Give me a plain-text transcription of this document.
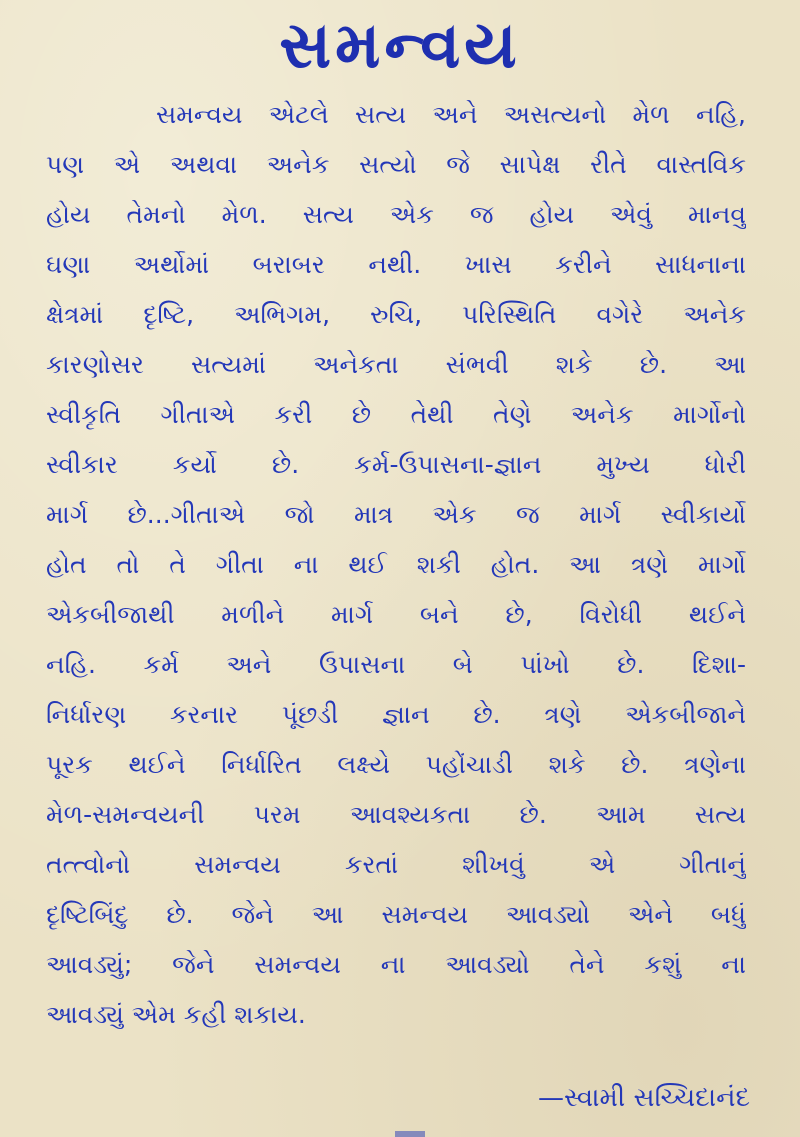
સમન્વય
સમન્વય એટલે સત્ય અને અસત્યનો મેળ નહિ,
પણ એ અથવા અનેક સત્યો જે સાપેક્ષ રીતે વાસ્તવિક
હોય તેમનો મેળ. સત્ય એક જ હોય એવું માનવુ
ઘણા અર્થોમાં બરાબર નથી. ખાસ કરીને સાધનાના
ક્ષેત્રમાં દૃષ્ટિ, અભિગમ, રુચિ, પરિસ્થિતિ વગેરે અનેક
કારણોસર સત્યમાં અનેકતા સંભવી શકે છે. આ
સ્વીકૃતિ ગીતાએ કરી છે તેથી તેણે અનેક માર્ગોનો
સ્વીકાર કર્યો છે. કર્મ-ઉપાસના-જ્ઞાન મુખ્ય ધોરી
માર્ગ છે...ગીતાએ જો માત્ર એક જ માર્ગ સ્વીકાર્યો
હોત તો તે ગીતા ના થઈ શકી હોત. આ ત્રણે માર્ગો
એકબીજાથી મળીને માર્ગ બને છે, વિરોધી થઈને
નહિ. કર્મ અને ઉપાસના બે પાંખો છે. દિશા-
નિર્ધારણ કરનાર પૂંછડી જ્ઞાન છે. ત્રણે એકબીજાને
પૂરક થઈને નિર્ધારિત લક્ષ્યે પહોંચાડી શકે છે. ત્રણેના
મેળ-સમન્વયની પરમ આવશ્યકતા છે. આમ સત્ય
તત્ત્વોનો સમન્વય કરતાં શીખવું એ ગીતાનું
દૃષ્ટિબિંદુ છે. જેને આ સમન્વય આવડ્યો એને બધું
આવડ્યું; જેને સમન્વય ના આવડ્યો તેને કશું ના
આવડ્યું એમ કહી શકાય.
—સ્વામી સચ્ચિદાનંદ
